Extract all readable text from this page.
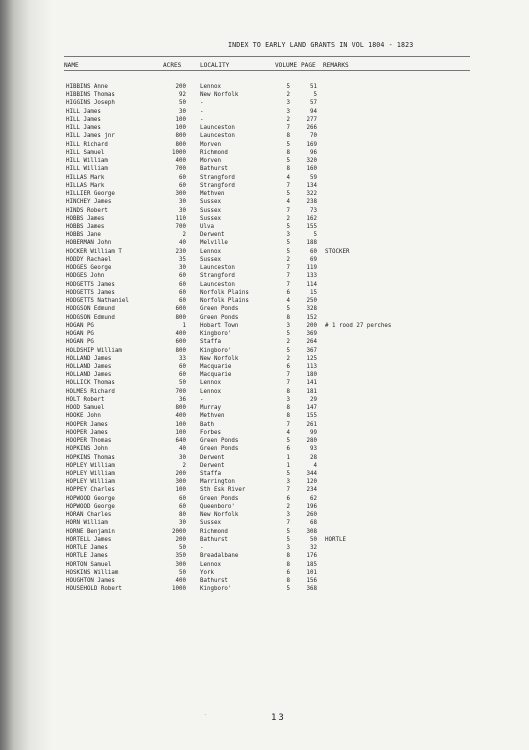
INDEX TO EARLY LAND GRANTS IN VOL 1804 - 1823
NAME	ACRES	LOCALITY	VOLUME PAGE REMARKS
HIBBINS Anne	200 Lennox	5	51
HIBBINS Thomas	92 New Norfolk	2	5
HIGGINS Joseph	50 -	3	57
HILL James	30 -	3	94
HILL James	100 -	2	277
HILL James	100 Launceston	7	266
HILL James jnr	800 Launceston	8	70
HILL Richard	800 Morven	5	169
HILL Samuel	1000 Richmond	8	96
HILL William	400 Morven	5	320
HILL William	700 Bathurst	8	160
HILLAS Mark	60 Strangford	4	59
HILLAS Mark	60 Strangford	7	134
HILLIER George	300 Methven	5	322
HINCHEY James	30 Sussex	4	238
HINDS Robert	30 Sussex	7	73
HOBBS James	110 Sussex	2	162
HOBBS James	700 Ulva	5	155
HOBBS Jane	2 Derwent	3	5
HOBERMAN John	40 Melville	5	188
HOCKER William T	230 Lennox	5	60 STOCKER
HODDY Rachael	35 Sussex	2	69
HODGES George	30 Launceston	7	119
HODGES John	60 Strangford	7	133
HODGETTS James	60 Launceston	7	114
HODGETTS James	60 Norfolk Plains	6	15
HODGETTS Nathaniel	60 Norfolk Plains	4	250
HODGSON Edmund	600 Green Ponds	5	328
HODGSON Edmund	800 Green Ponds	8	152
HOGAN PG	1 Hobart Town	3	200 # 1 rood 27 perches
HOGAN PG	400 Kingboro'	5	369
HOGAN PG	600 Staffa	2	264
HOLDSHIP William	800 Kingboro'	5	367
HOLLAND James	33 New Norfolk	2	125
HOLLAND James	60 Macquarie	6	113
HOLLAND James	60 Macquarie	7	180
HOLLICK Thomas	50 Lennox	7	141
HOLMES Richard	700 Lennox	8	181
HOLT Robert	36 -	3	29
HOOD Samuel	800 Murray	8	147
HOOKE John	400 Methven	8	155
HOOPER James	100 Bath	7	261
HOOPER James	100 Forbes	4	99
HOOPER Thomas	640 Green Ponds	5	280
HOPKINS John	40 Green Ponds	6	93
HOPKINS Thomas	30 Derwent	1	28
HOPLEY William	2 Derwent	1	4
HOPLEY William	200 Staffa	5	344
HOPLEY William	300 Marrington	3	120
HOPPEY Charles	100 Sth Esk River	7	234
HOPWOOD George	60 Green Ponds	6	62
HOPWOOD George	60 Queenboro'	2	196
HORAN Charles	80 New Norfolk	3	260
HORN William	30 Sussex	7	68
HORNE Benjamin	2000 Richmond	5	308
HORTELL James	200 Bathurst	5	50 HORTLE
HORTLE James	50 -	3	32
HORTLE James	350 Breadalbane	8	176
HORTON Samuel	300 Lennox	8	185
HOSKINS William	50 York	6	101
HOUGHTON James	400 Bathurst	8	156
HOUSEHOLD Robert	1000 Kingboro'	5	368
-	13
